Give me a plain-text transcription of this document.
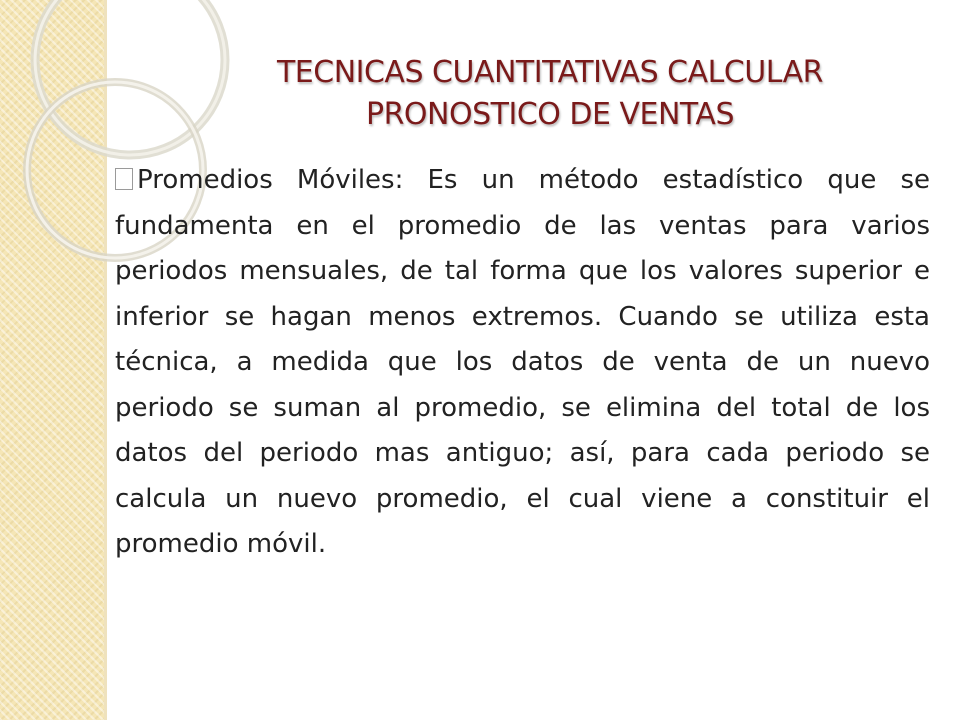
TECNICAS CUANTITATIVAS CALCULAR
PRONOSTICO DE VENTAS

Promedios Móviles: Es un método estadístico que se fundamenta en el promedio de las ventas para varios periodos mensuales, de tal forma que los valores superior e inferior se hagan menos extremos. Cuando se utiliza esta técnica, a medida que los datos de venta de un nuevo periodo se suman al promedio, se elimina del total de los datos del periodo mas antiguo; así, para cada periodo se calcula un nuevo promedio, el cual viene a constituir el promedio móvil.
